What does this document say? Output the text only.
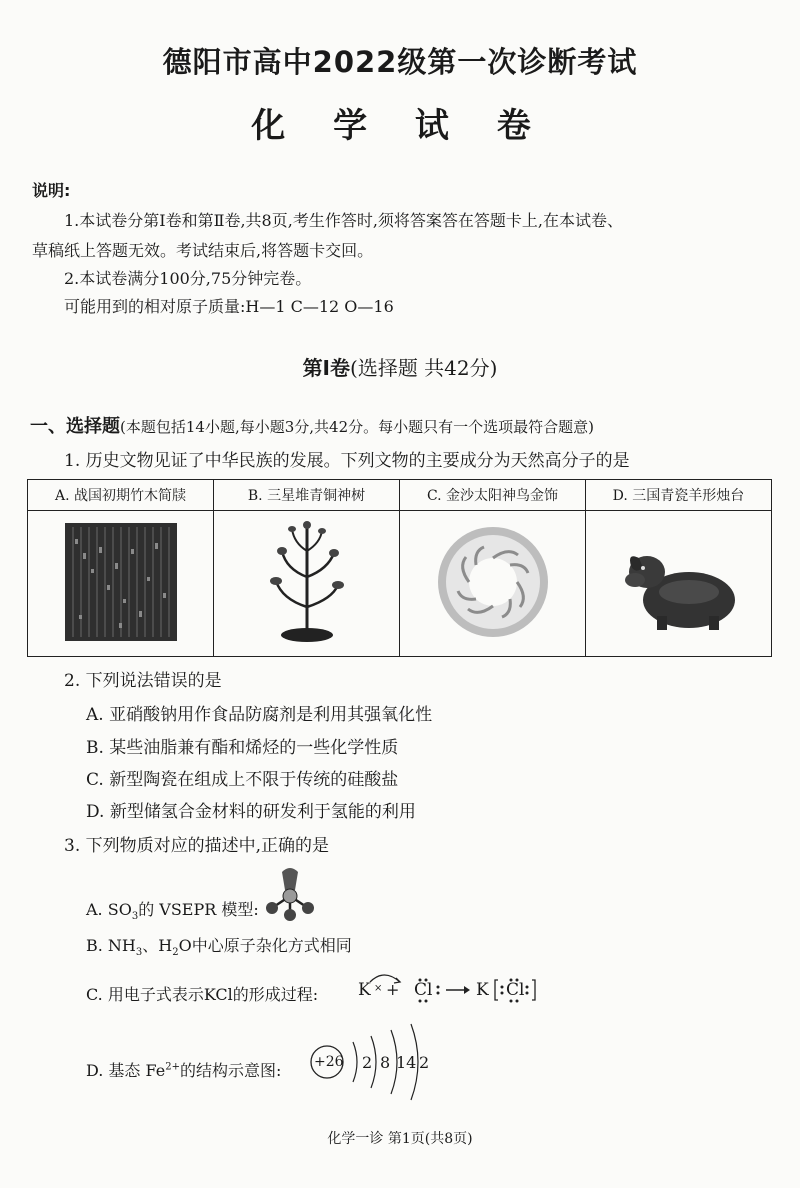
德阳市高中2022级第一次诊断考试
化 学 试 卷
说明:
1.本试卷分第Ⅰ卷和第Ⅱ卷,共8页,考生作答时,须将答案答在答题卡上,在本试卷、
草稿纸上答题无效。考试结束后,将答题卡交回。
2.本试卷满分100分,75分钟完卷。
可能用到的相对原子质量:H—1 C—12 O—16
第Ⅰ卷(选择题 共42分)
一、选择题(本题包括14小题,每小题3分,共42分。每小题只有一个选项最符合题意)
1. 历史文物见证了中华民族的发展。下列文物的主要成分为天然高分子的是
A. 战国初期竹木简牍	B. 三星堆青铜神树	C. 金沙太阳神鸟金饰	D. 三国青瓷羊形烛台

2. 下列说法错误的是
A. 亚硝酸钠用作食品防腐剂是利用其强氧化性
B. 某些油脂兼有酯和烯烃的一些化学性质
C. 新型陶瓷在组成上不限于传统的硅酸盐
D. 新型储氢合金材料的研发利于氢能的利用
3. 下列物质对应的描述中,正确的是
A. $SO_3$的 VSEPR 模型:
B. $NH_3$、$H_2O$中心原子杂化方式相同
C. 用电子式表示KCl的形成过程: K × + Cl	K Cl
D. 基态 $Fe^{2+}$的结构示意图: +26 2 8 14 2
化学一诊 第1页(共8页)
